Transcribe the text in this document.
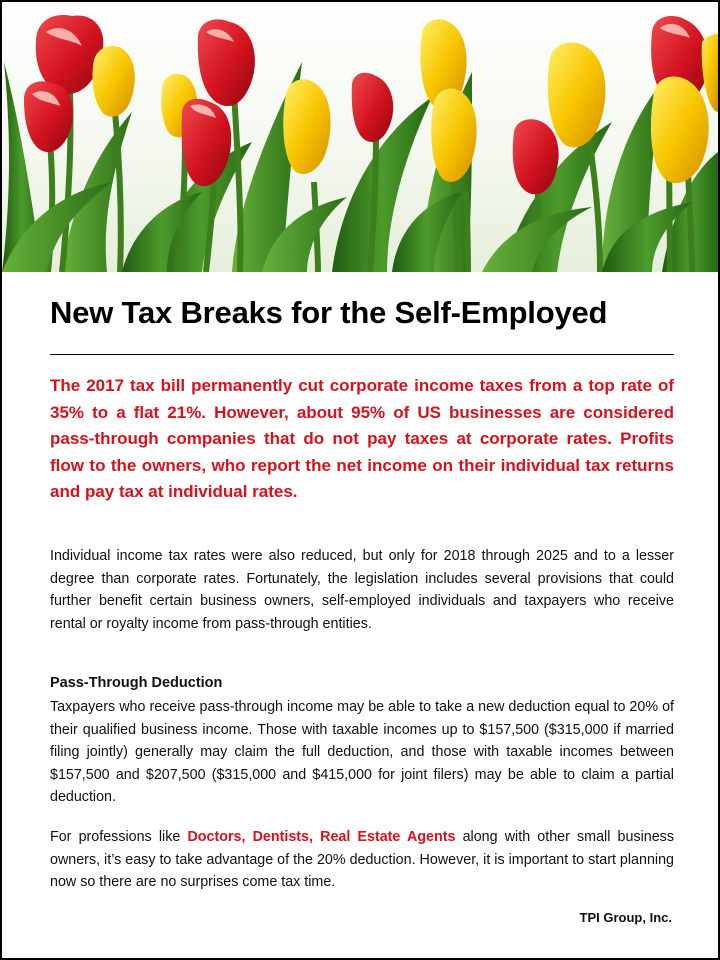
New Tax Breaks for the Self-Employed
The 2017 tax bill permanently cut corporate income taxes from a top rate of 35% to a flat 21%. However, about 95% of US businesses are considered pass-through companies that do not pay taxes at corporate rates. Profits flow to the owners, who report the net income on their individual tax returns and pay tax at individual rates.
Individual income tax rates were also reduced, but only for 2018 through 2025 and to a lesser degree than corporate rates. Fortunately, the legislation includes several provisions that could further benefit certain business owners, self-employed individuals and taxpayers who receive rental or royalty income from pass-through entities.
Pass-Through Deduction
Taxpayers who receive pass-through income may be able to take a new deduction equal to 20% of their qualified business income. Those with taxable incomes up to $157,500 ($315,000 if married filing jointly) generally may claim the full deduction, and those with taxable incomes between $157,500 and $207,500 ($315,000 and $415,000 for joint filers) may be able to claim a partial deduction.
For professions like Doctors, Dentists, Real Estate Agents along with other small business owners, it’s easy to take advantage of the 20% deduction. However, it is important to start planning now so there are no surprises come tax time.
TPI Group, Inc.
